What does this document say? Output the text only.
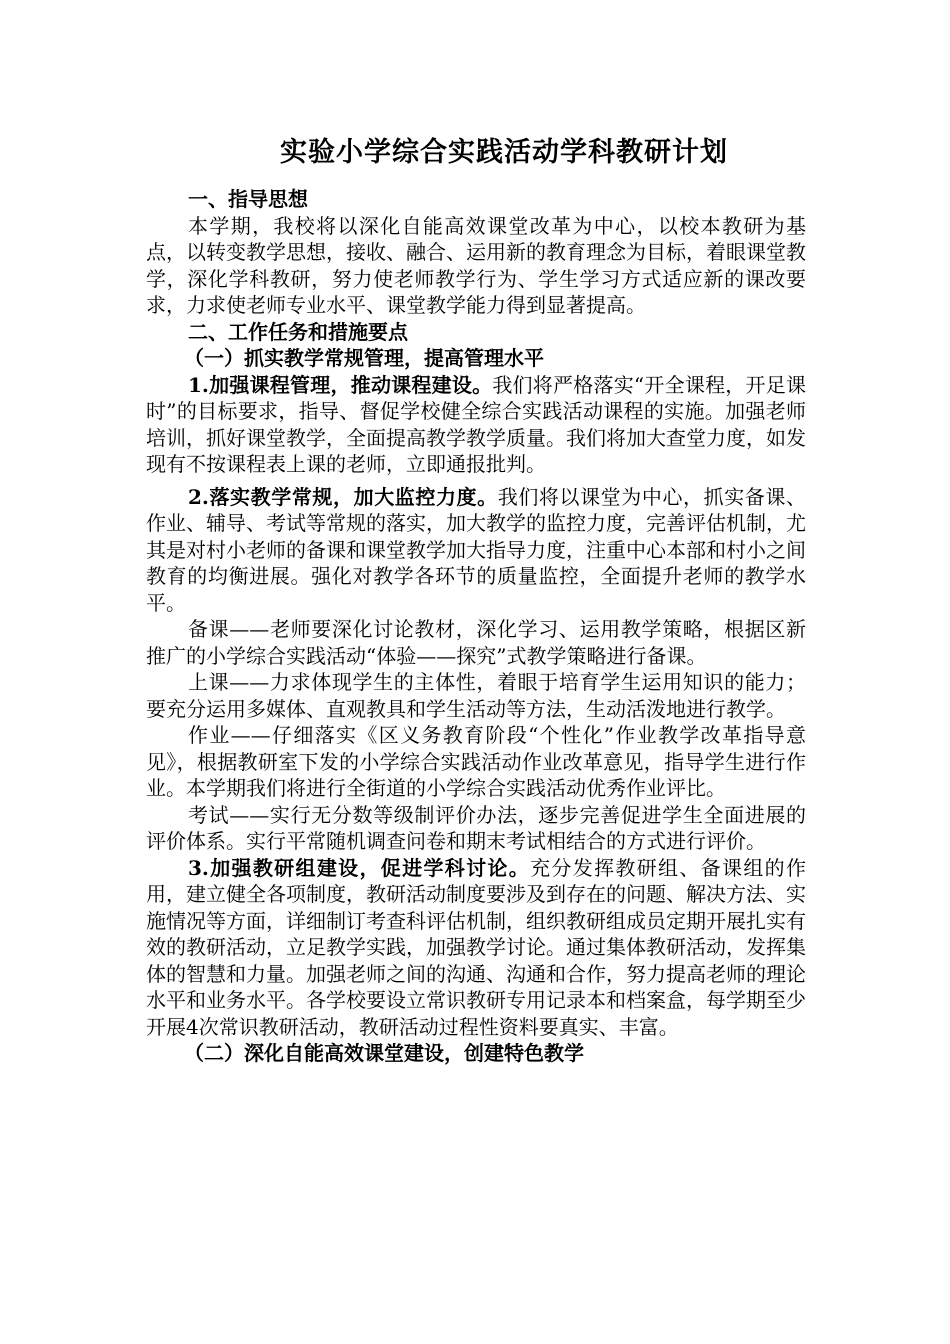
实验小学综合实践活动学科教研计划

一、指导思想

本学期，我校将以深化自能高效课堂改革为中心，以校本教研为基点，以转变教学思想，接收、融合、运用新的教育理念为目标，着眼课堂教学，深化学科教研，努力使老师教学行为、学生学习方式适应新的课改要求，力求使老师专业水平、课堂教学能力得到显著提高。

二、工作任务和措施要点

（一）抓实教学常规管理，提高管理水平

1.加强课程管理，推动课程建设。我们将严格落实“开全课程，开足课时”的目标要求，指导、督促学校健全综合实践活动课程的实施。加强老师培训，抓好课堂教学，全面提高教学教学质量。我们将加大查堂力度，如发现有不按课程表上课的老师，立即通报批判。

2.落实教学常规，加大监控力度。我们将以课堂为中心，抓实备课、作业、辅导、考试等常规的落实，加大教学的监控力度，完善评估机制，尤其是对村小老师的备课和课堂教学加大指导力度，注重中心本部和村小之间教育的均衡进展。强化对教学各环节的质量监控，全面提升老师的教学水平。

备课——老师要深化讨论教材，深化学习、运用教学策略，根据区新推广的小学综合实践活动“体验——探究”式教学策略进行备课。

上课——力求体现学生的主体性，着眼于培育学生运用知识的能力；要充分运用多媒体、直观教具和学生活动等方法，生动活泼地进行教学。

作业——仔细落实《区义务教育阶段“个性化”作业教学改革指导意见》，根据教研室下发的小学综合实践活动作业改革意见，指导学生进行作业。本学期我们将进行全街道的小学综合实践活动优秀作业评比。

考试——实行无分数等级制评价办法，逐步完善促进学生全面进展的评价体系。实行平常随机调查问卷和期末考试相结合的方式进行评价。

3.加强教研组建设，促进学科讨论。充分发挥教研组、备课组的作用，建立健全各项制度，教研活动制度要涉及到存在的问题、解决方法、实施情况等方面，详细制订考查科评估机制，组织教研组成员定期开展扎实有效的教研活动，立足教学实践，加强教学讨论。通过集体教研活动，发挥集体的智慧和力量。加强老师之间的沟通、沟通和合作，努力提高老师的理论水平和业务水平。各学校要设立常识教研专用记录本和档案盒，每学期至少开展4次常识教研活动，教研活动过程性资料要真实、丰富。

（二）深化自能高效课堂建设，创建特色教学
